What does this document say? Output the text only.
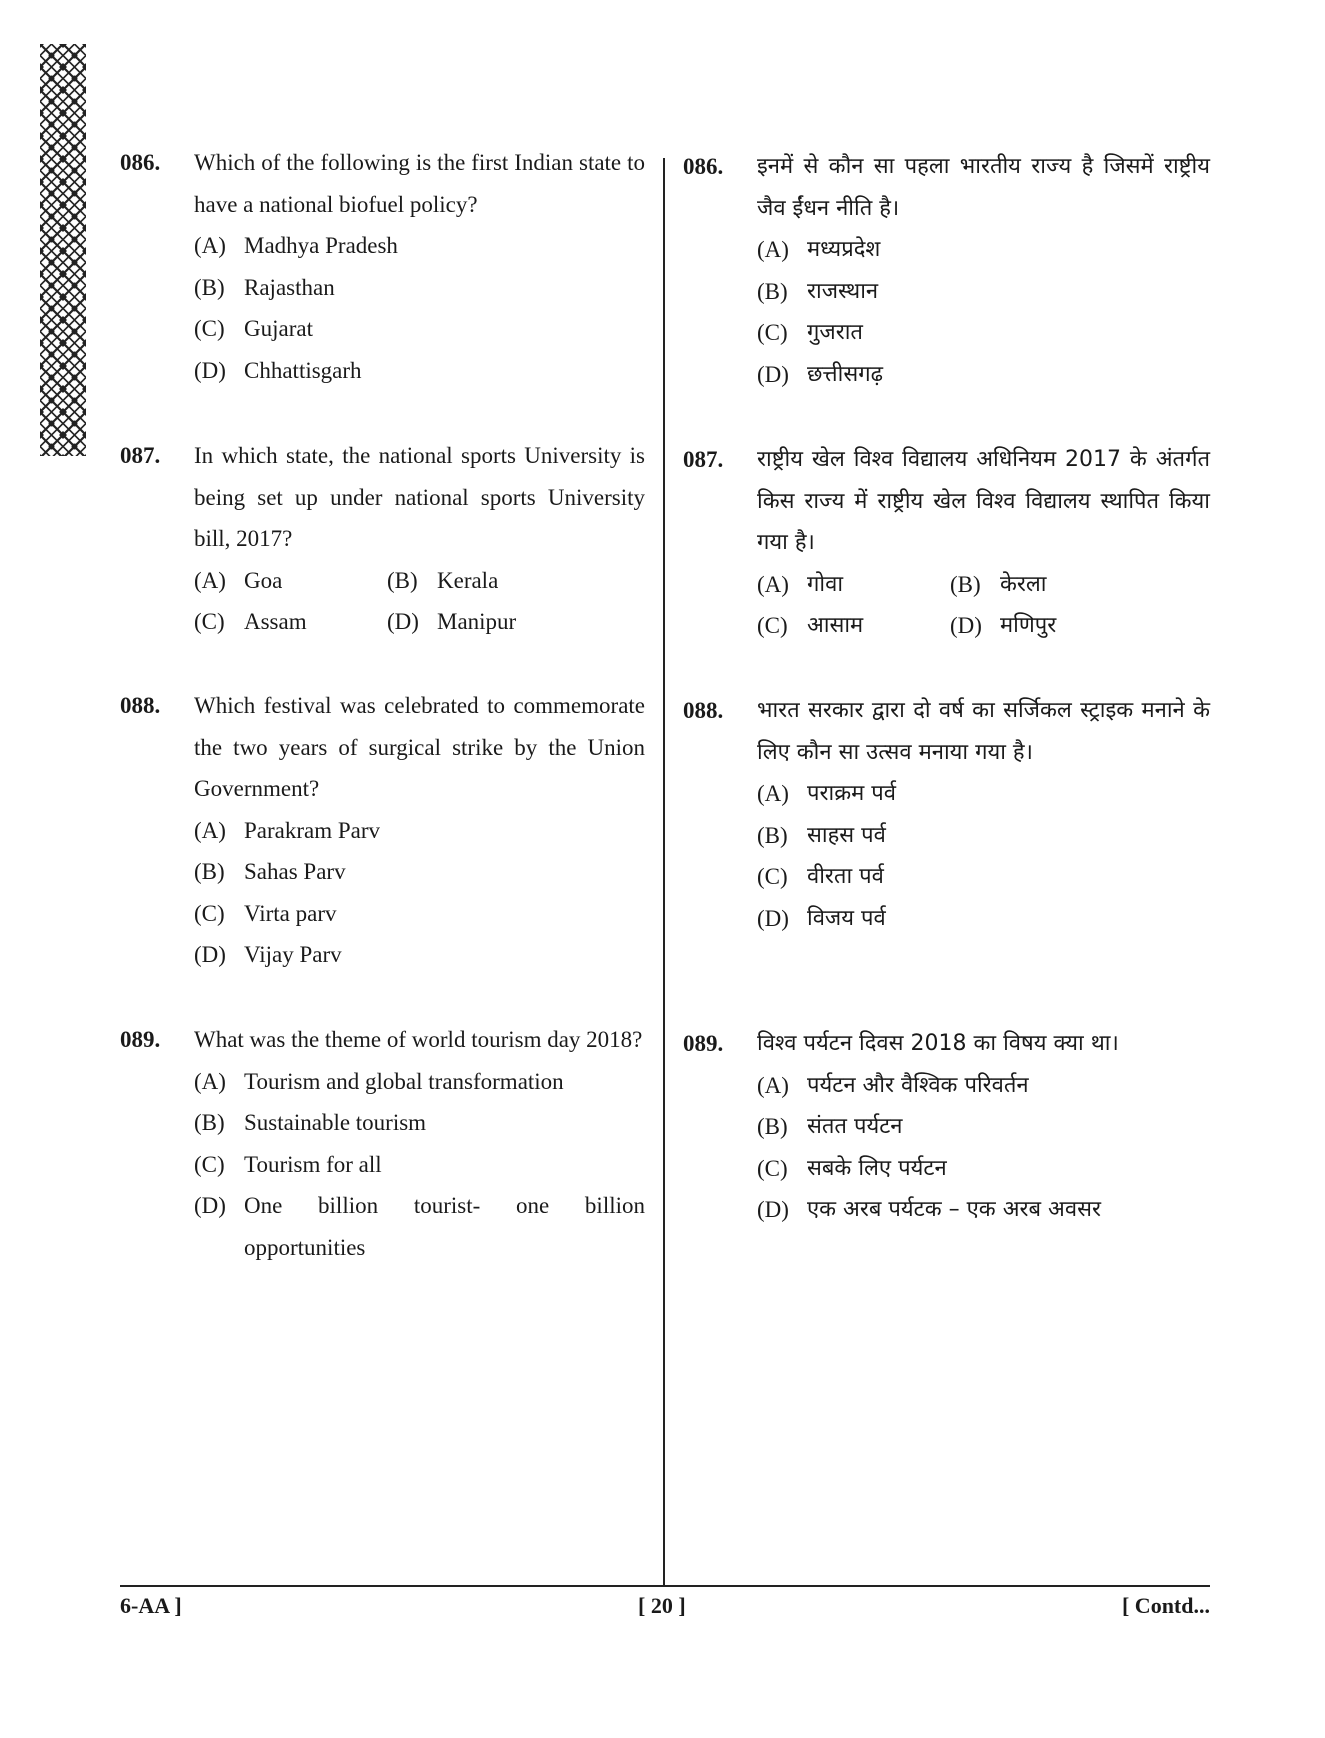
086. Which of the following is the first Indian state to have a national biofuel policy?
(A) Madhya Pradesh
(B) Rajasthan
(C) Gujarat
(D) Chhattisgarh
087. In which state, the national sports University is being set up under national sports University bill, 2017?
(A) Goa	(B) Kerala
(C) Assam	(D) Manipur
088. Which festival was celebrated to commemorate the two years of surgical strike by the Union Government?
(A) Parakram Parv
(B) Sahas Parv
(C) Virta parv
(D) Vijay Parv
089. What was the theme of world tourism day 2018?
(A) Tourism and global transformation
(B) Sustainable tourism
(C) Tourism for all
(D) One billion tourist- one billion opportunities
086. इनमें से कौन सा पहला भारतीय राज्य है जिसमें राष्ट्रीय जैव ईंधन नीति है।
(A) मध्यप्रदेश
(B) राजस्थान
(C) गुजरात
(D) छत्तीसगढ़
087. राष्ट्रीय खेल विश्व विद्यालय अधिनियम 2017 के अंतर्गत किस राज्य में राष्ट्रीय खेल विश्व विद्यालय स्थापित किया गया है।
(A) गोवा	(B) केरला
(C) आसाम	(D) मणिपुर
088. भारत सरकार द्वारा दो वर्ष का सर्जिकल स्ट्राइक मनाने के लिए कौन सा उत्सव मनाया गया है।
(A) पराक्रम पर्व
(B) साहस पर्व
(C) वीरता पर्व
(D) विजय पर्व
089. विश्व पर्यटन दिवस 2018 का विषय क्या था।
(A) पर्यटन और वैश्विक परिवर्तन
(B) संतत पर्यटन
(C) सबके लिए पर्यटन
(D) एक अरब पर्यटक – एक अरब अवसर
6-AA ]	[ 20 ]	[ Contd...
